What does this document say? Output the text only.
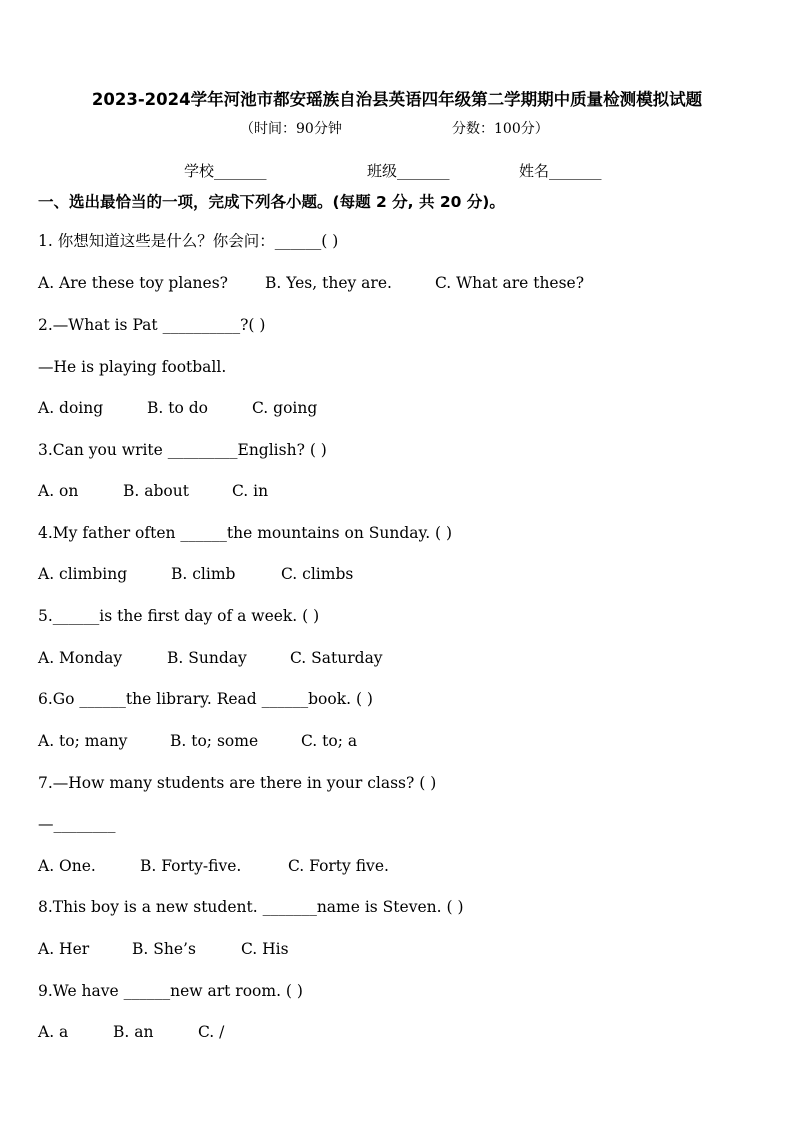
2023-2024学年河池市都安瑶族自治县英语四年级第二学期期中质量检测模拟试题
（时间：90分钟	分数：100分）
学校_______	班级_______	姓名_______
一、选出最恰当的一项，完成下列各小题。(每题 2 分, 共 20 分)。
1. 你想知道这些是什么？你会问：______( )
A. Are these toy planes? B. Yes, they are.	C. What are these?
2.—What is Pat __________?( )
—He is playing football.
A. doing	B. to do	C. going
3.Can you write _________English? ( )
A. on	B. about	C. in
4.My father often ______the mountains on Sunday. ( )
A. climbing	B. climb	C. climbs
5.______is the first day of a week. ( )
A. Monday	B. Sunday	C. Saturday
6.Go ______the library. Read ______book. ( )
A. to; many	B. to; some	C. to; a
7.—How many students are there in your class? ( )
—________
A. One.	B. Forty-five.	C. Forty five.
8.This boy is a new student. _______name is Steven. ( )
A. Her	B. She’s	C. His
9.We have ______new art room. ( )
A. a	B. an	C. /
